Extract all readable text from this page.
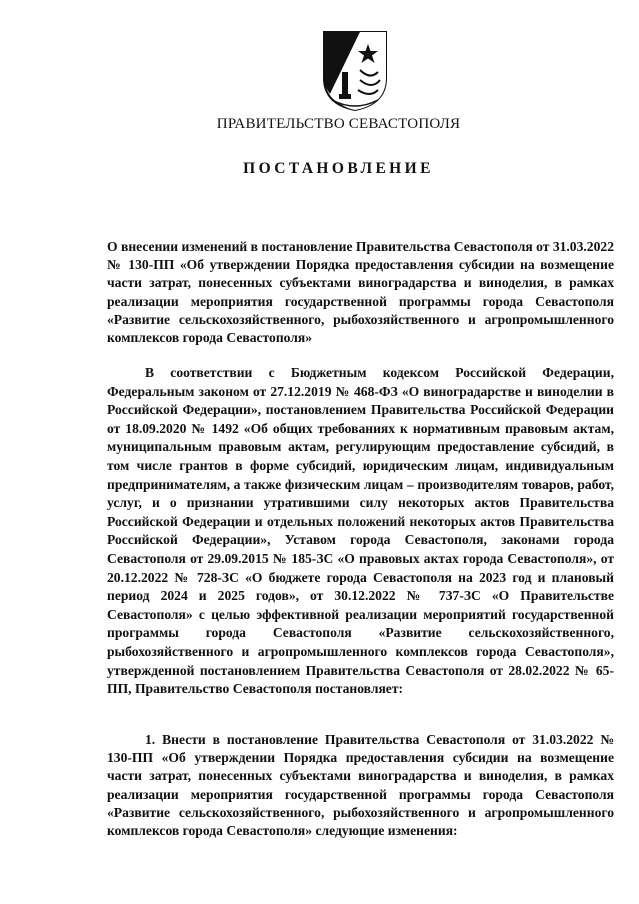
ПРАВИТЕЛЬСТВО СЕВАСТОПОЛЯ
ПОСТАНОВЛЕНИЕ
О внесении изменений в постановление Правительства Севастополя от 31.03.2022 № 130-ПП «Об утверждении Порядка предоставления субсидии на возмещение части затрат, понесенных субъектами виноградарства и виноделия, в рамках реализации мероприятия государственной программы города Севастополя «Развитие сельскохозяйственного, рыбохозяйственного и агропромышленного комплексов города Севастополя»
В соответствии с Бюджетным кодексом Российской Федерации, Федеральным законом от 27.12.2019 № 468-ФЗ «О виноградарстве и виноделии в Российской Федерации», постановлением Правительства Российской Федерации от 18.09.2020 № 1492 «Об общих требованиях к нормативным правовым актам, муниципальным правовым актам, регулирующим предоставление субсидий, в том числе грантов в форме субсидий, юридическим лицам, индивидуальным предпринимателям, а также физическим лицам – производителям товаров, работ, услуг, и о признании утратившими силу некоторых актов Правительства Российской Федерации и отдельных положений некоторых актов Правительства Российской Федерации», Уставом города Севастополя, законами города Севастополя от 29.09.2015 № 185-ЗС «О правовых актах города Севастополя», от 20.12.2022 № 728-ЗС «О бюджете города Севастополя на 2023 год и плановый период 2024 и 2025 годов», от 30.12.2022 № 737-ЗС «О Правительстве Севастополя» с целью эффективной реализации мероприятий государственной программы города Севастополя «Развитие сельскохозяйственного, рыбохозяйственного и агропромышленного комплексов города Севастополя», утвержденной постановлением Правительства Севастополя от 28.02.2022 № 65-ПП, Правительство Севастополя постановляет:
1. Внести в постановление Правительства Севастополя от 31.03.2022 № 130-ПП «Об утверждении Порядка предоставления субсидии на возмещение части затрат, понесенных субъектами виноградарства и виноделия, в рамках реализации мероприятия государственной программы города Севастополя «Развитие сельскохозяйственного, рыбохозяйственного и агропромышленного комплексов города Севастополя» следующие изменения:
